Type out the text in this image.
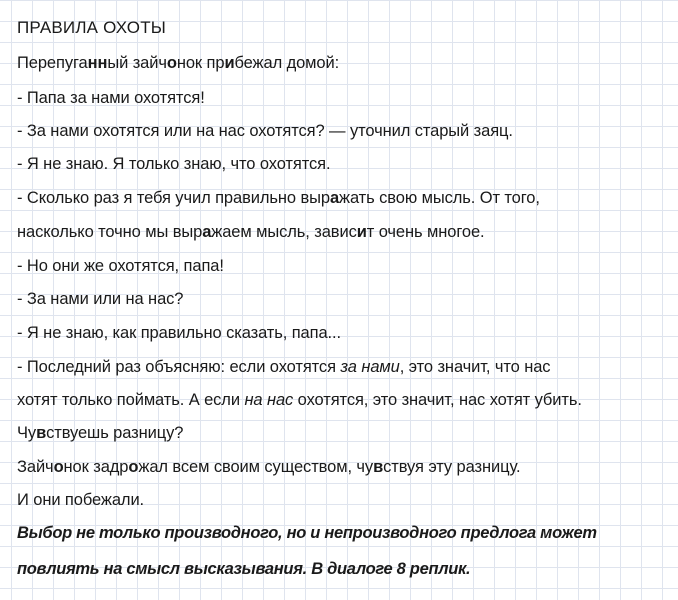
ПРАВИЛА ОХОТЫ

Перепуганный зайчонок прибежал домой:

- Папа за нами охотятся!

- За нами охотятся или на нас охотятся? — уточнил старый заяц.

- Я не знаю. Я только знаю, что охотятся.

- Сколько раз я тебя учил правильно выражать свою мысль. От того,

насколько точно мы выражаем мысль, зависит очень многое.

- Но они же охотятся, папа!

- За нами или на нас?

- Я не знаю, как правильно сказать, папа...

- Последний раз объясняю: если охотятся за нами, это значит, что нас

хотят только поймать. А если на нас охотятся, это значит, нас хотят убить.

Чувствуешь разницу?

Зайчонок задрожал всем своим существом, чувствуя эту разницу.

И они побежали.

Выбор не только производного, но и непроизводного предлога может

повлиять на смысл высказывания. В диалоге 8 реплик.
